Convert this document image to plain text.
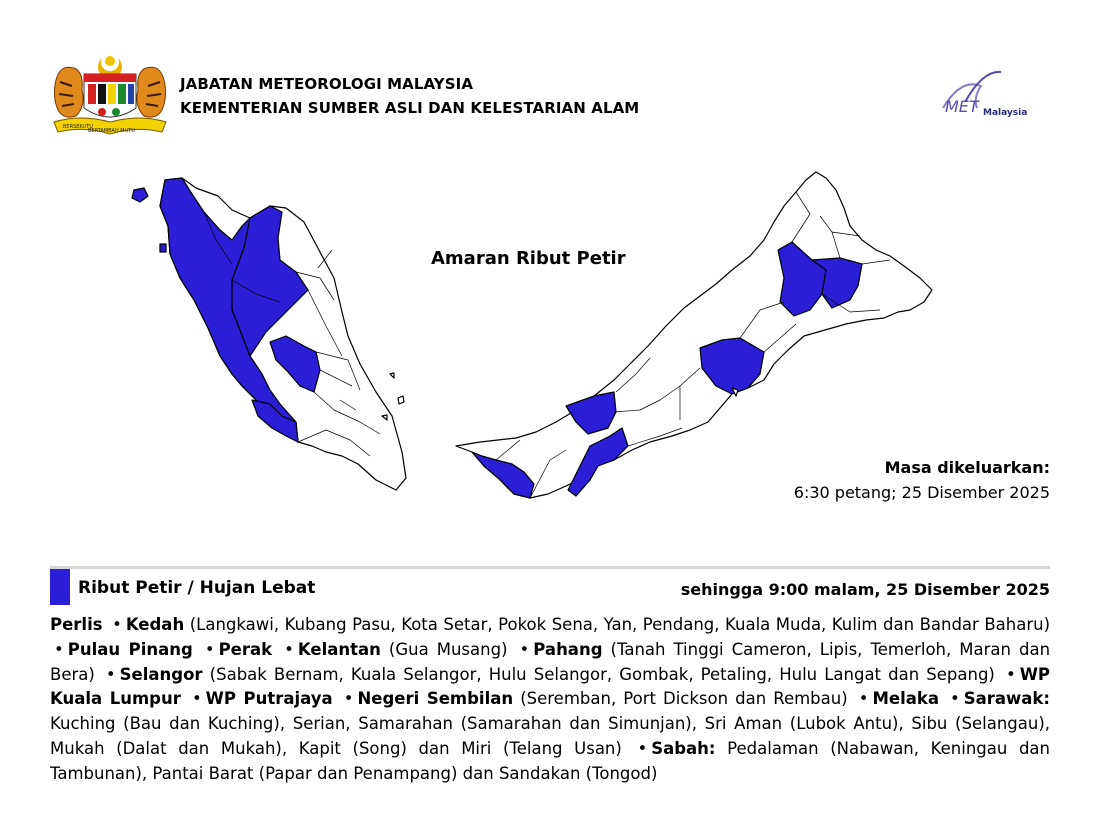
BERSEKUTU
BERTAMBAH MUTU
JABATAN METEOROLOGI MALAYSIA
KEMENTERIAN SUMBER ASLI DAN KELESTARIAN ALAM	MET Malaysia
Amaran Ribut Petir
Masa dikeluarkan:
6:30 petang; 25 Disember 2025
Ribut Petir / Hujan Lebat	sehingga 9:00 malam, 25 Disember 2025
Perlis • Kedah (Langkawi, Kubang Pasu, Kota Setar, Pokok Sena, Yan, Pendang, Kuala Muda, Kulim dan Bandar Baharu) • Pulau Pinang • Perak • Kelantan (Gua Musang) • Pahang (Tanah Tinggi Cameron, Lipis, Temerloh, Maran dan Bera) • Selangor (Sabak Bernam, Kuala Selangor, Hulu Selangor, Gombak, Petaling, Hulu Langat dan Sepang) • WP Kuala Lumpur • WP Putrajaya • Negeri Sembilan (Seremban, Port Dickson dan Rembau) • Melaka • Sarawak: Kuching (Bau dan Kuching), Serian, Samarahan (Samarahan dan Simunjan), Sri Aman (Lubok Antu), Sibu (Selangau), Mukah (Dalat dan Mukah), Kapit (Song) dan Miri (Telang Usan) • Sabah: Pedalaman (Nabawan, Keningau dan Tambunan), Pantai Barat (Papar dan Penampang) dan Sandakan (Tongod)
